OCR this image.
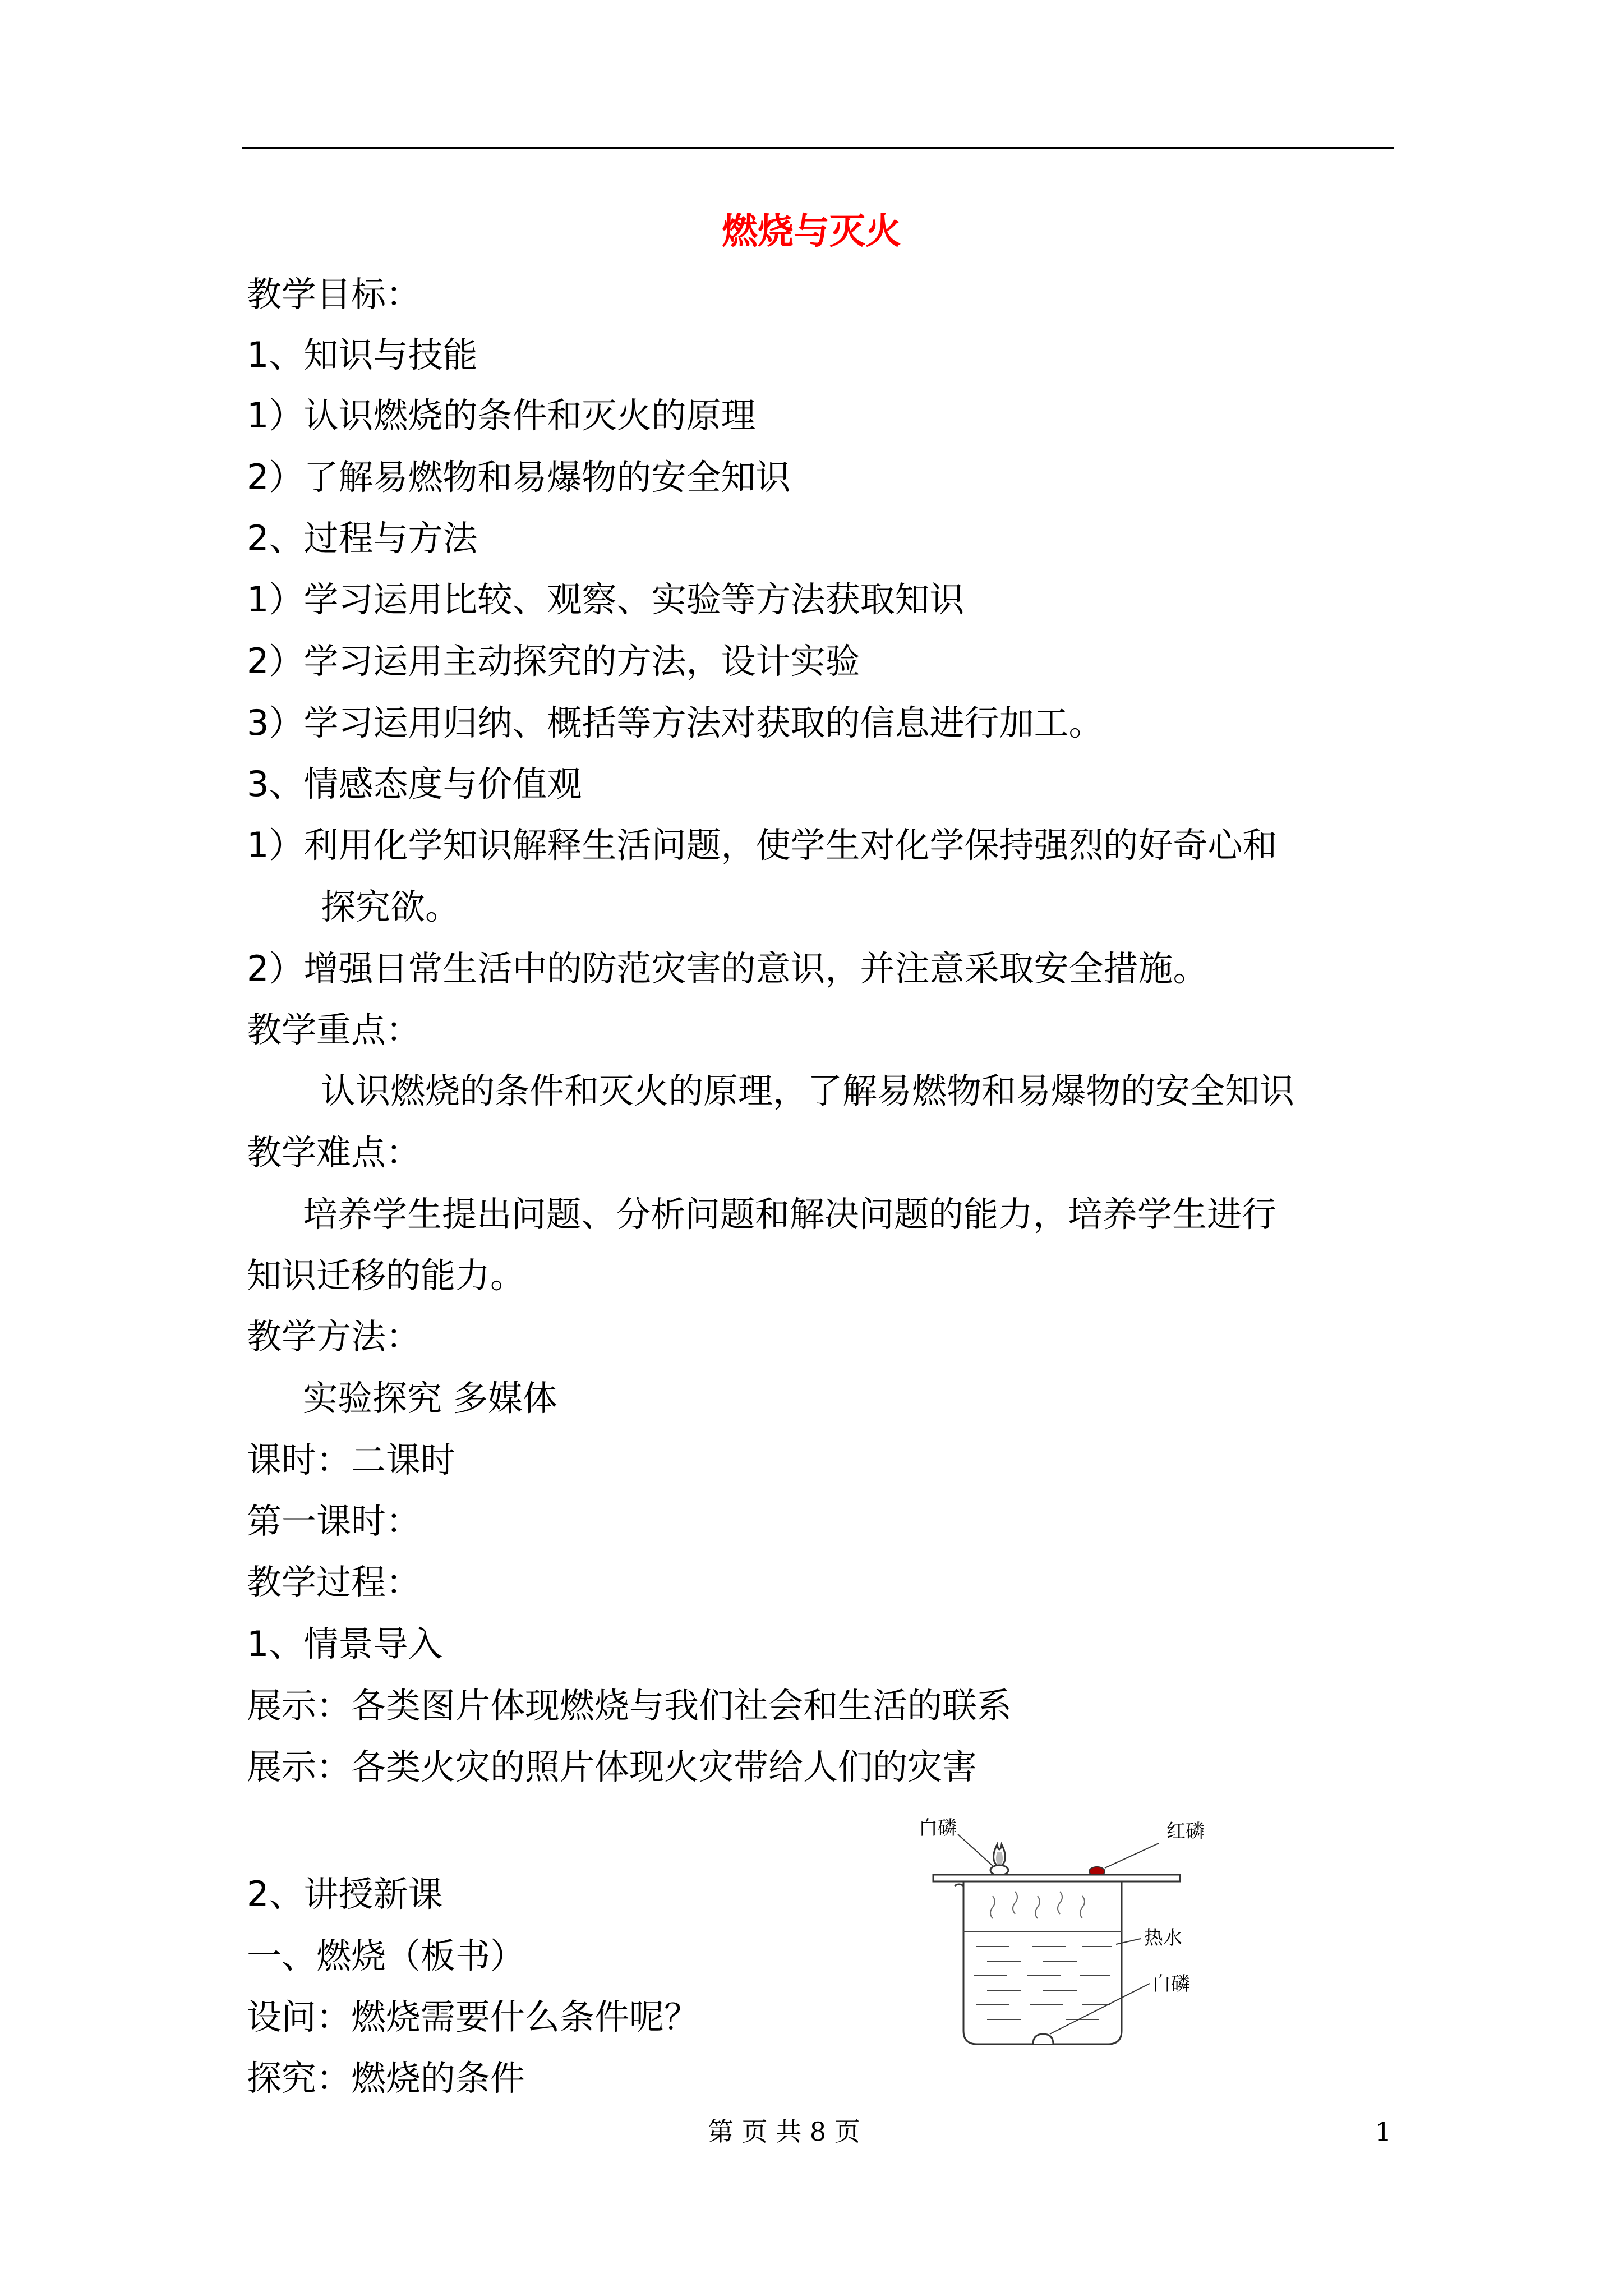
燃烧与灭火
教学目标：
1、知识与技能
1）认识燃烧的条件和灭火的原理
2）了解易燃物和易爆物的安全知识
2、过程与方法
1）学习运用比较、观察、实验等方法获取知识
2）学习运用主动探究的方法，设计实验
3）学习运用归纳、概括等方法对获取的信息进行加工。
3、情感态度与价值观
1）利用化学知识解释生活问题，使学生对化学保持强烈的好奇心和
探究欲。
2）增强日常生活中的防范灾害的意识，并注意采取安全措施。
教学重点：
认识燃烧的条件和灭火的原理，了解易燃物和易爆物的安全知识
教学难点：
培养学生提出问题、分析问题和解决问题的能力，培养学生进行
知识迁移的能力。
教学方法：
实验探究 多媒体
课时：二课时
第一课时：
教学过程：
1、情景导入
展示：各类图片体现燃烧与我们社会和生活的联系
展示：各类火灾的照片体现火灾带给人们的灾害
2、讲授新课
一、燃烧（板书）
设问：燃烧需要什么条件呢？
探究：燃烧的条件
白磷	红磷
热水
白磷
第 页 共 8 页	1
